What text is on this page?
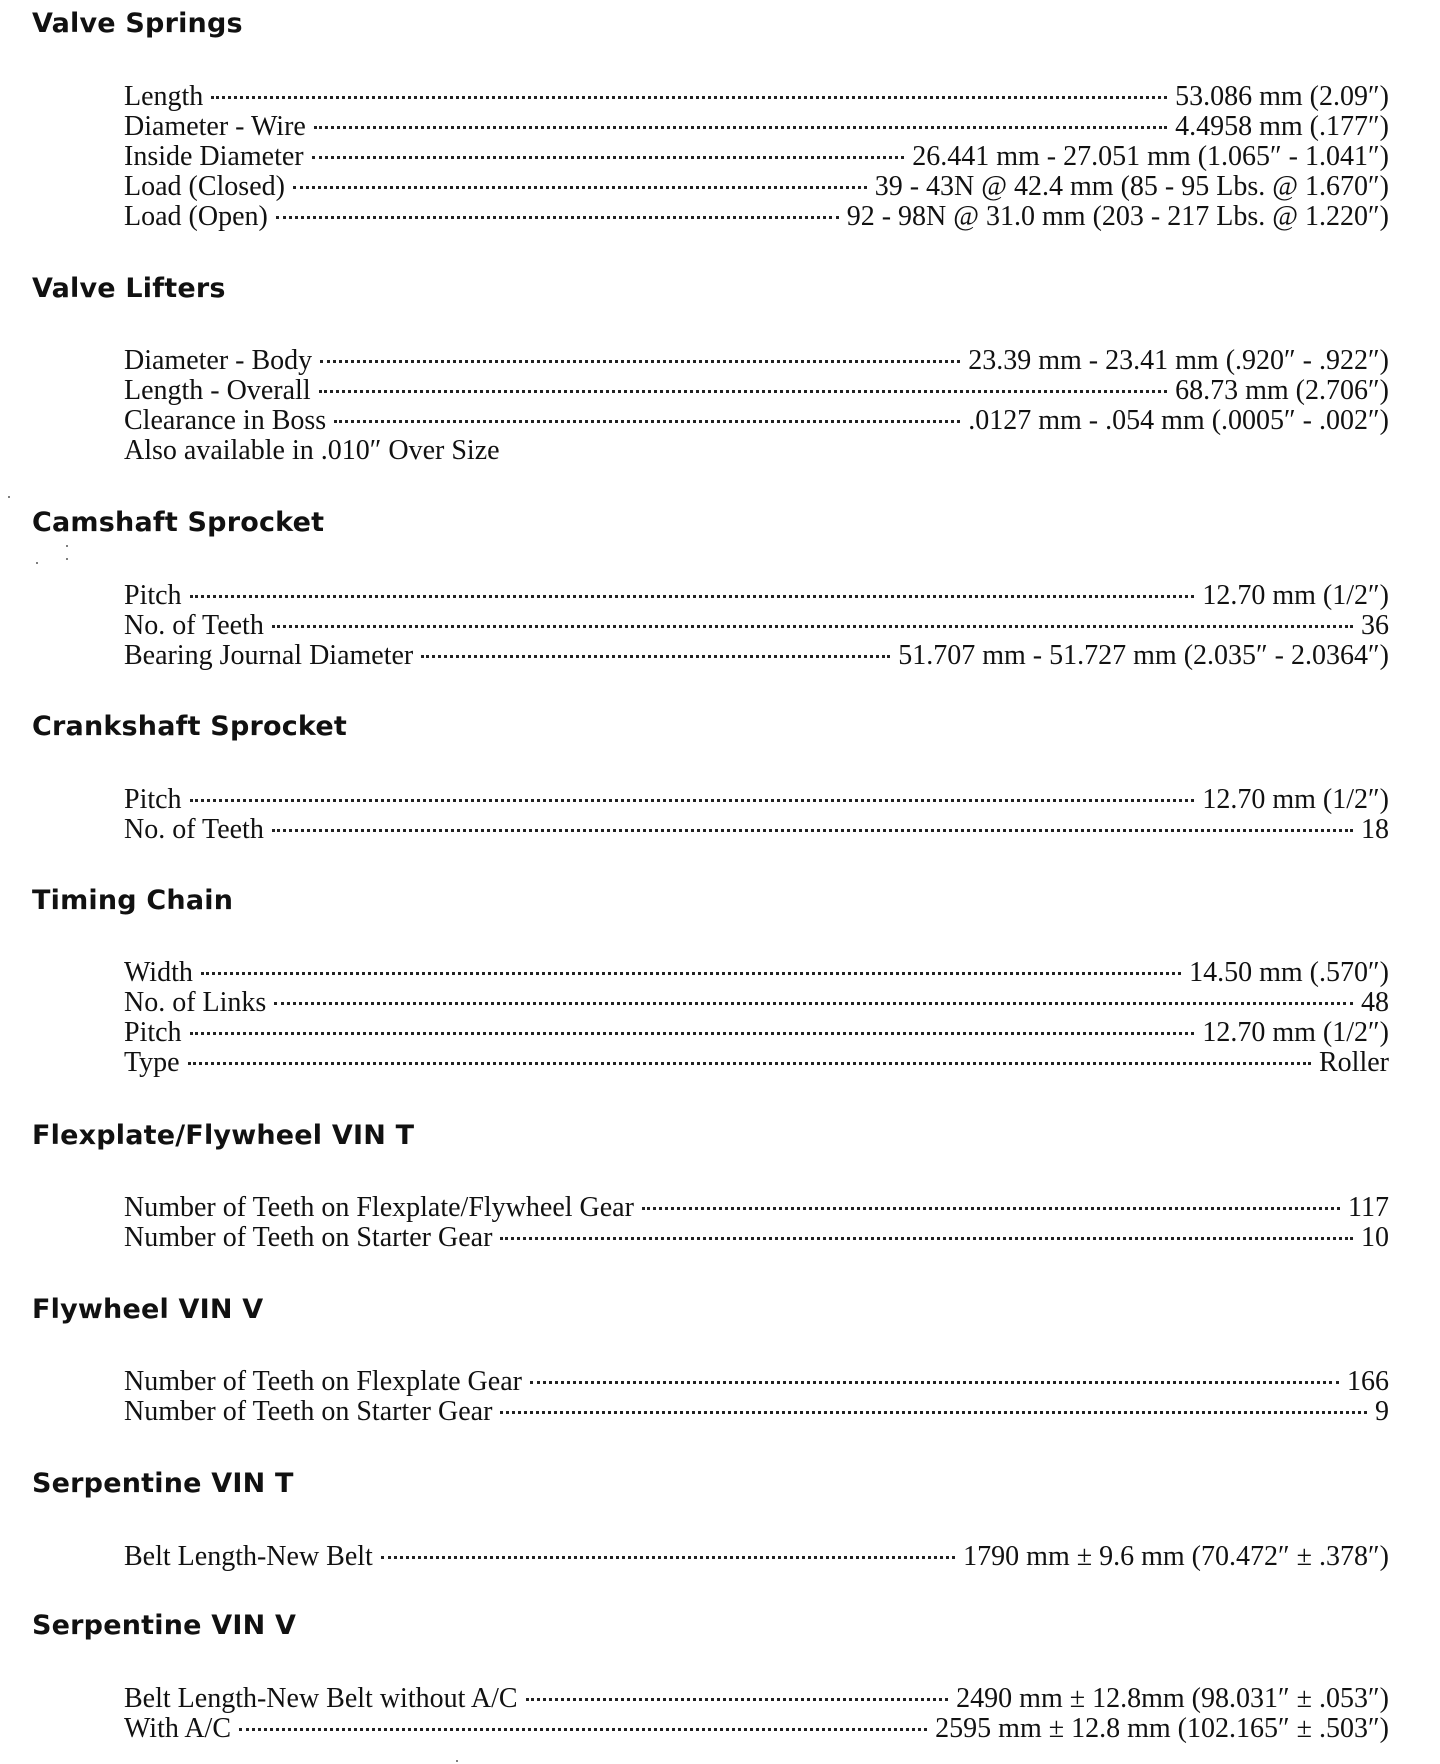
Valve Springs
Length	53.086 mm (2.09″)
Diameter - Wire	4.4958 mm (.177″)
Inside Diameter	26.441 mm - 27.051 mm (1.065″ - 1.041″)
Load (Closed)	39 - 43N @ 42.4 mm (85 - 95 Lbs. @ 1.670″)
Load (Open)	92 - 98N @ 31.0 mm (203 - 217 Lbs. @ 1.220″)
Valve Lifters
Diameter - Body	23.39 mm - 23.41 mm (.920″ - .922″)
Length - Overall	68.73 mm (2.706″)
Clearance in Boss	.0127 mm - .054 mm (.0005″ - .002″)
Also available in .010″ Over Size
Camshaft Sprocket
Pitch	12.70 mm (1/2″)
No. of Teeth	36
Bearing Journal Diameter	51.707 mm - 51.727 mm (2.035″ - 2.0364″)
Crankshaft Sprocket
Pitch	12.70 mm (1/2″)
No. of Teeth	18
Timing Chain
Width	14.50 mm (.570″)
No. of Links	48
Pitch	12.70 mm (1/2″)
Type	Roller
Flexplate/Flywheel VIN T
Number of Teeth on Flexplate/Flywheel Gear	117
Number of Teeth on Starter Gear	10
Flywheel VIN V
Number of Teeth on Flexplate Gear	166
Number of Teeth on Starter Gear	9
Serpentine VIN T
Belt Length-New Belt	1790 mm ± 9.6 mm (70.472″ ± .378″)
Serpentine VIN V
Belt Length-New Belt without A/C	2490 mm ± 12.8mm (98.031″ ± .053″)
With A/C	2595 mm ± 12.8 mm (102.165″ ± .503″)
